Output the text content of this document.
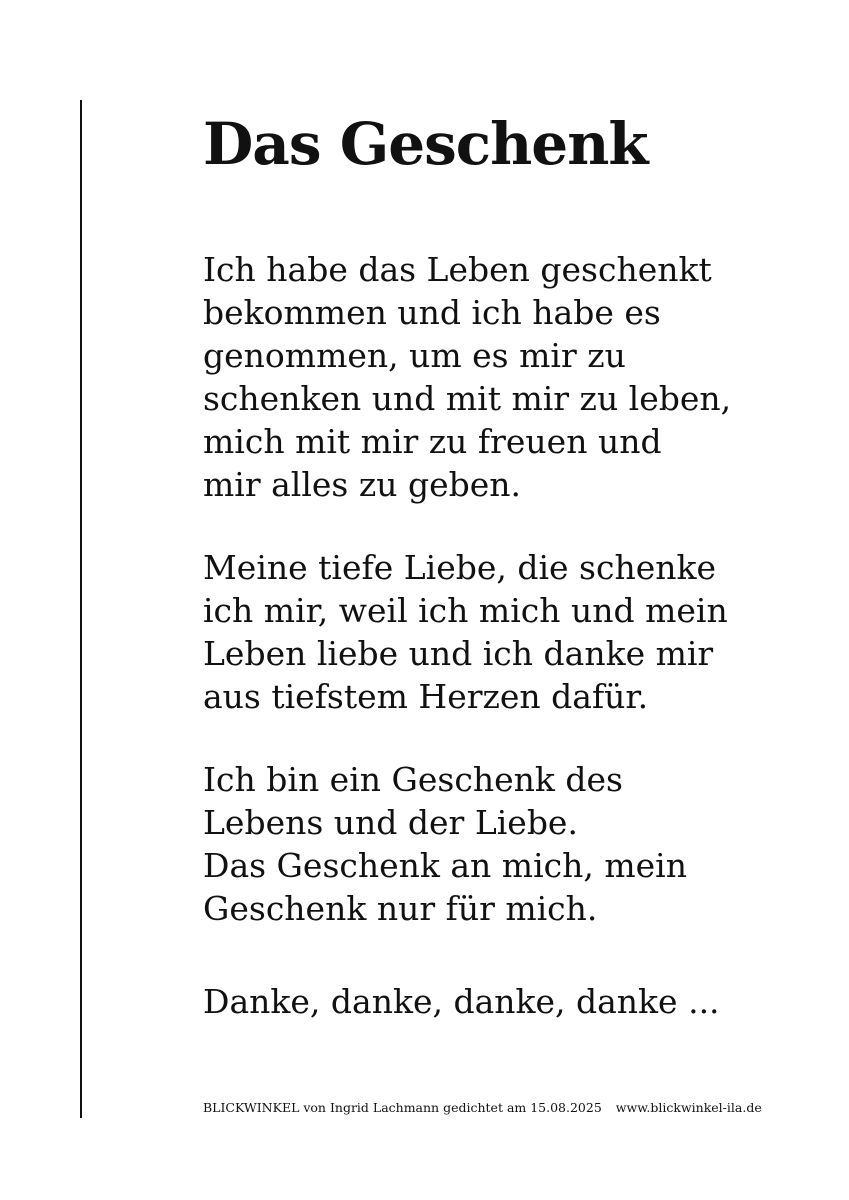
Das Geschenk
Ich habe das Leben geschenkt
bekommen und ich habe es
genommen, um es mir zu
schenken und mit mir zu leben,
mich mit mir zu freuen und
mir alles zu geben.
Meine tiefe Liebe, die schenke
ich mir, weil ich mich und mein
Leben liebe und ich danke mir
aus tiefstem Herzen dafür.
Ich bin ein Geschenk des
Lebens und der Liebe.
Das Geschenk an mich, mein
Geschenk nur für mich.
Danke, danke, danke, danke ...
BLICKWINKEL von Ingrid Lachmann gedichtet am 15.08.2025 www.blickwinkel-ila.de
